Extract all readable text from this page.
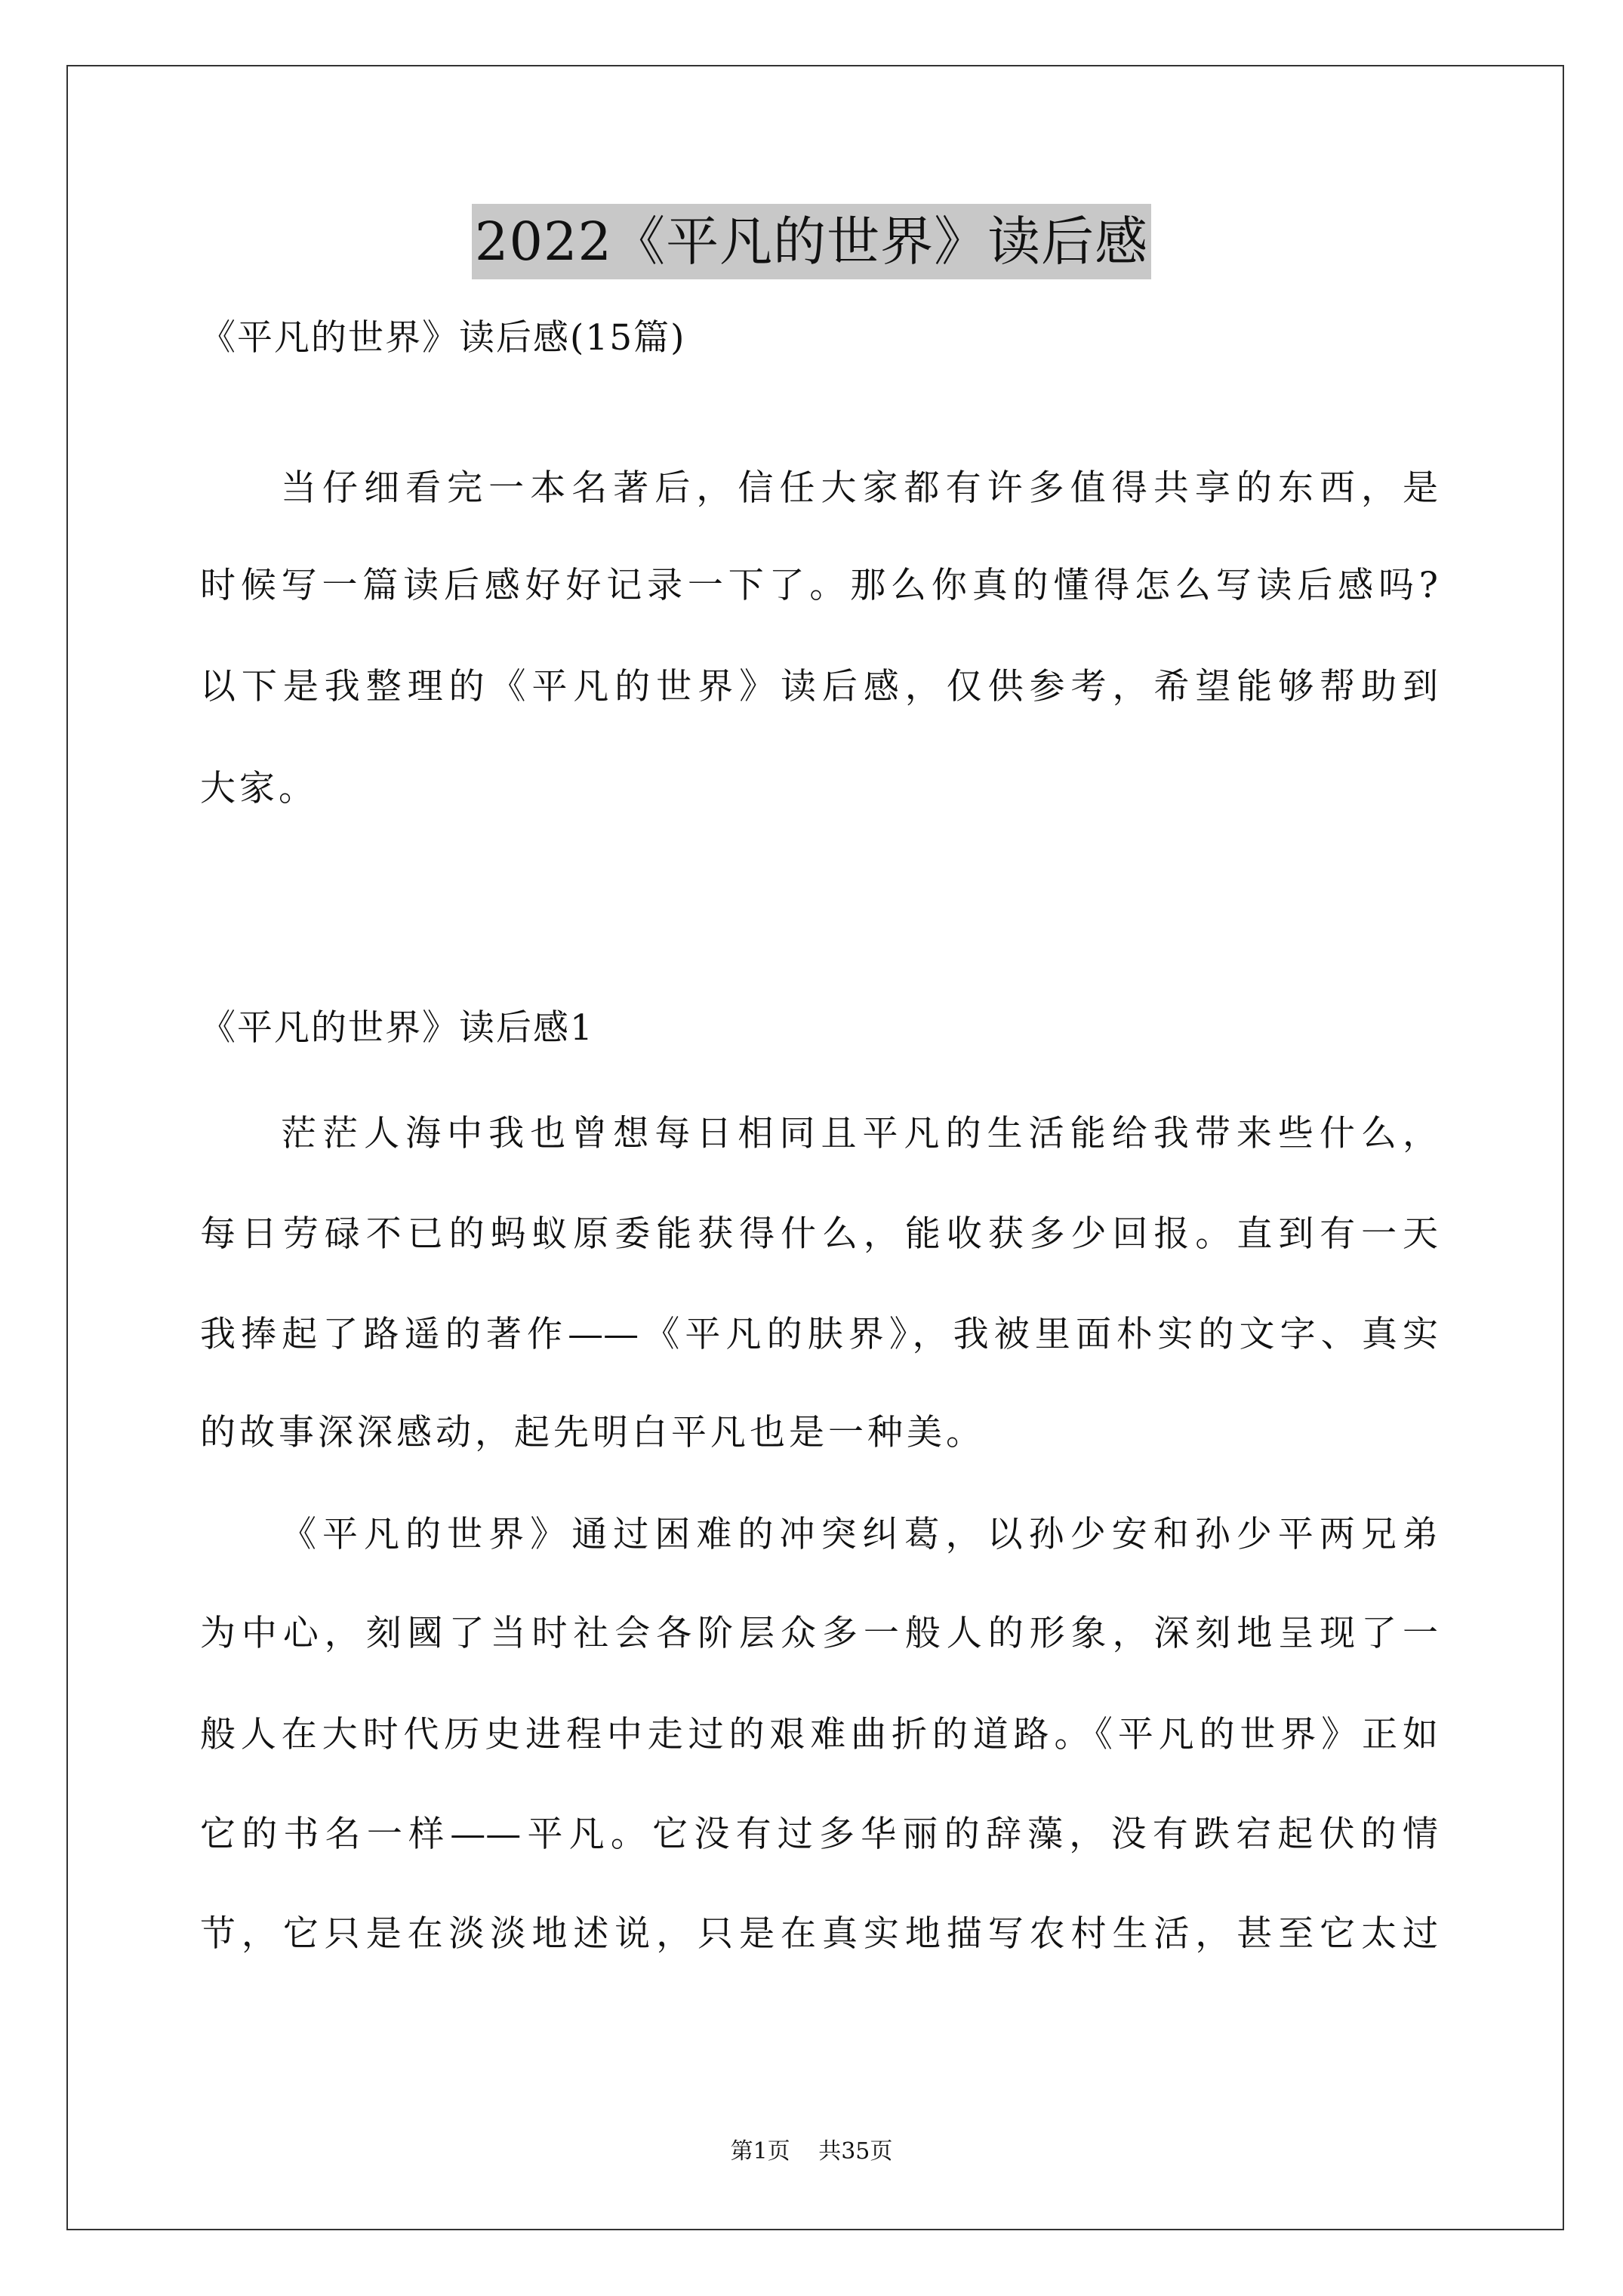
2022《平凡的世界》读后感
《平凡的世界》读后感(15篇)
当仔细看完一本名著后，信任大家都有许多值得共享的东西，是
时候写一篇读后感好好记录一下了。那么你真的懂得怎么写读后感吗?
以下是我整理的《平凡的世界》读后感，仅供参考，希望能够帮助到
大家。
《平凡的世界》读后感1
茫茫人海中我也曾想每日相同且平凡的生活能给我带来些什么，
每日劳碌不已的蚂蚁原委能获得什么，能收获多少回报。直到有一天
我捧起了路遥的著作——《平凡的肤界》，我被里面朴实的文字、真实
的故事深深感动，起先明白平凡也是一种美。
《平凡的世界》通过困难的冲突纠葛，以孙少安和孙少平两兄弟
为中心，刻國了当时社会各阶层众多一般人的形象，深刻地呈现了一
般人在大时代历史进程中走过的艰难曲折的道路。《平凡的世界》正如
它的书名一样——平凡。它没有过多华丽的辞藻，没有跌宕起伏的情
节，它只是在淡淡地述说，只是在真实地描写农村生活，甚至它太过
第1页 共35页
